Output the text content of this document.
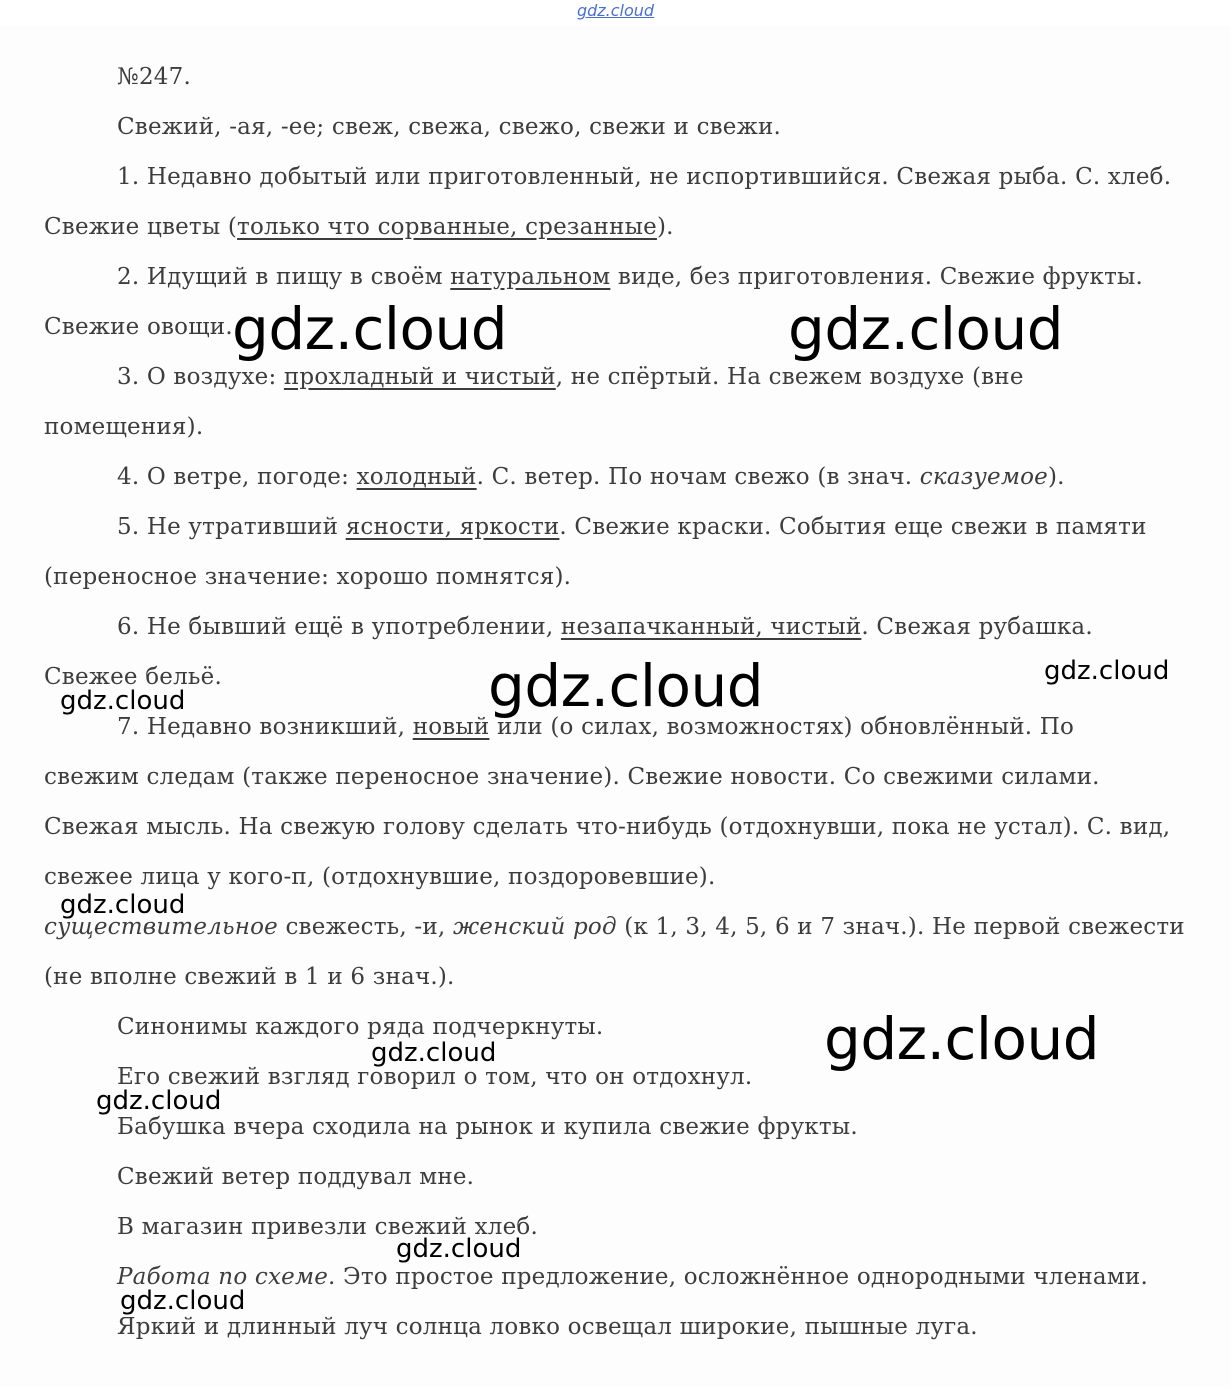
gdz.cloud
№247.
Свежий, -ая, -ее; свеж, свежа, свежо, свежи и свежи.
1. Недавно добытый или приготовленный, не испортившийся. Свежая рыба. С. хлеб.
Свежие цветы (только что сорванные, срезанные).
2. Идущий в пищу в своём натуральном виде, без приготовления. Свежие фрукты.
Свежие овощи.
3. О воздухе: прохладный и чистый, не спёртый. На свежем воздухе (вне
помещения).
4. О ветре, погоде: холодный. С. ветер. По ночам свежо (в знач. сказуемое).
5. Не утративший ясности, яркости. Свежие краски. События еще свежи в памяти
(переносное значение: хорошо помнятся).
6. Не бывший ещё в употреблении, незапачканный, чистый. Свежая рубашка.
Свежее бельё.
7. Недавно возникший, новый или (о силах, возможностях) обновлённый. По
свежим следам (также переносное значение). Свежие новости. Со свежими силами.
Свежая мысль. На свежую голову сделать что-нибудь (отдохнувши, пока не устал). С. вид,
свежее лица у кого-п, (отдохнувшие, поздоровевшие).
существительное свежесть, -и, женский род (к 1, 3, 4, 5, 6 и 7 знач.). Не первой свежести
(не вполне свежий в 1 и 6 знач.).
Синонимы каждого ряда подчеркнуты.
Его свежий взгляд говорил о том, что он отдохнул.
Бабушка вчера сходила на рынок и купила свежие фрукты.
Свежий ветер поддувал мне.
В магазин привезли свежий хлеб.
Работа по схеме. Это простое предложение, осложнённое однородными членами.
Яркий и длинный луч солнца ловко освещал широкие, пышные луга.
gdz.cloud	gdz.cloud
gdz.cloud	gdz.cloud
gdz.cloud
gdz.cloud
gdz.cloud
gdz.cloud
gdz.cloud
gdz.cloud
gdz.cloud
